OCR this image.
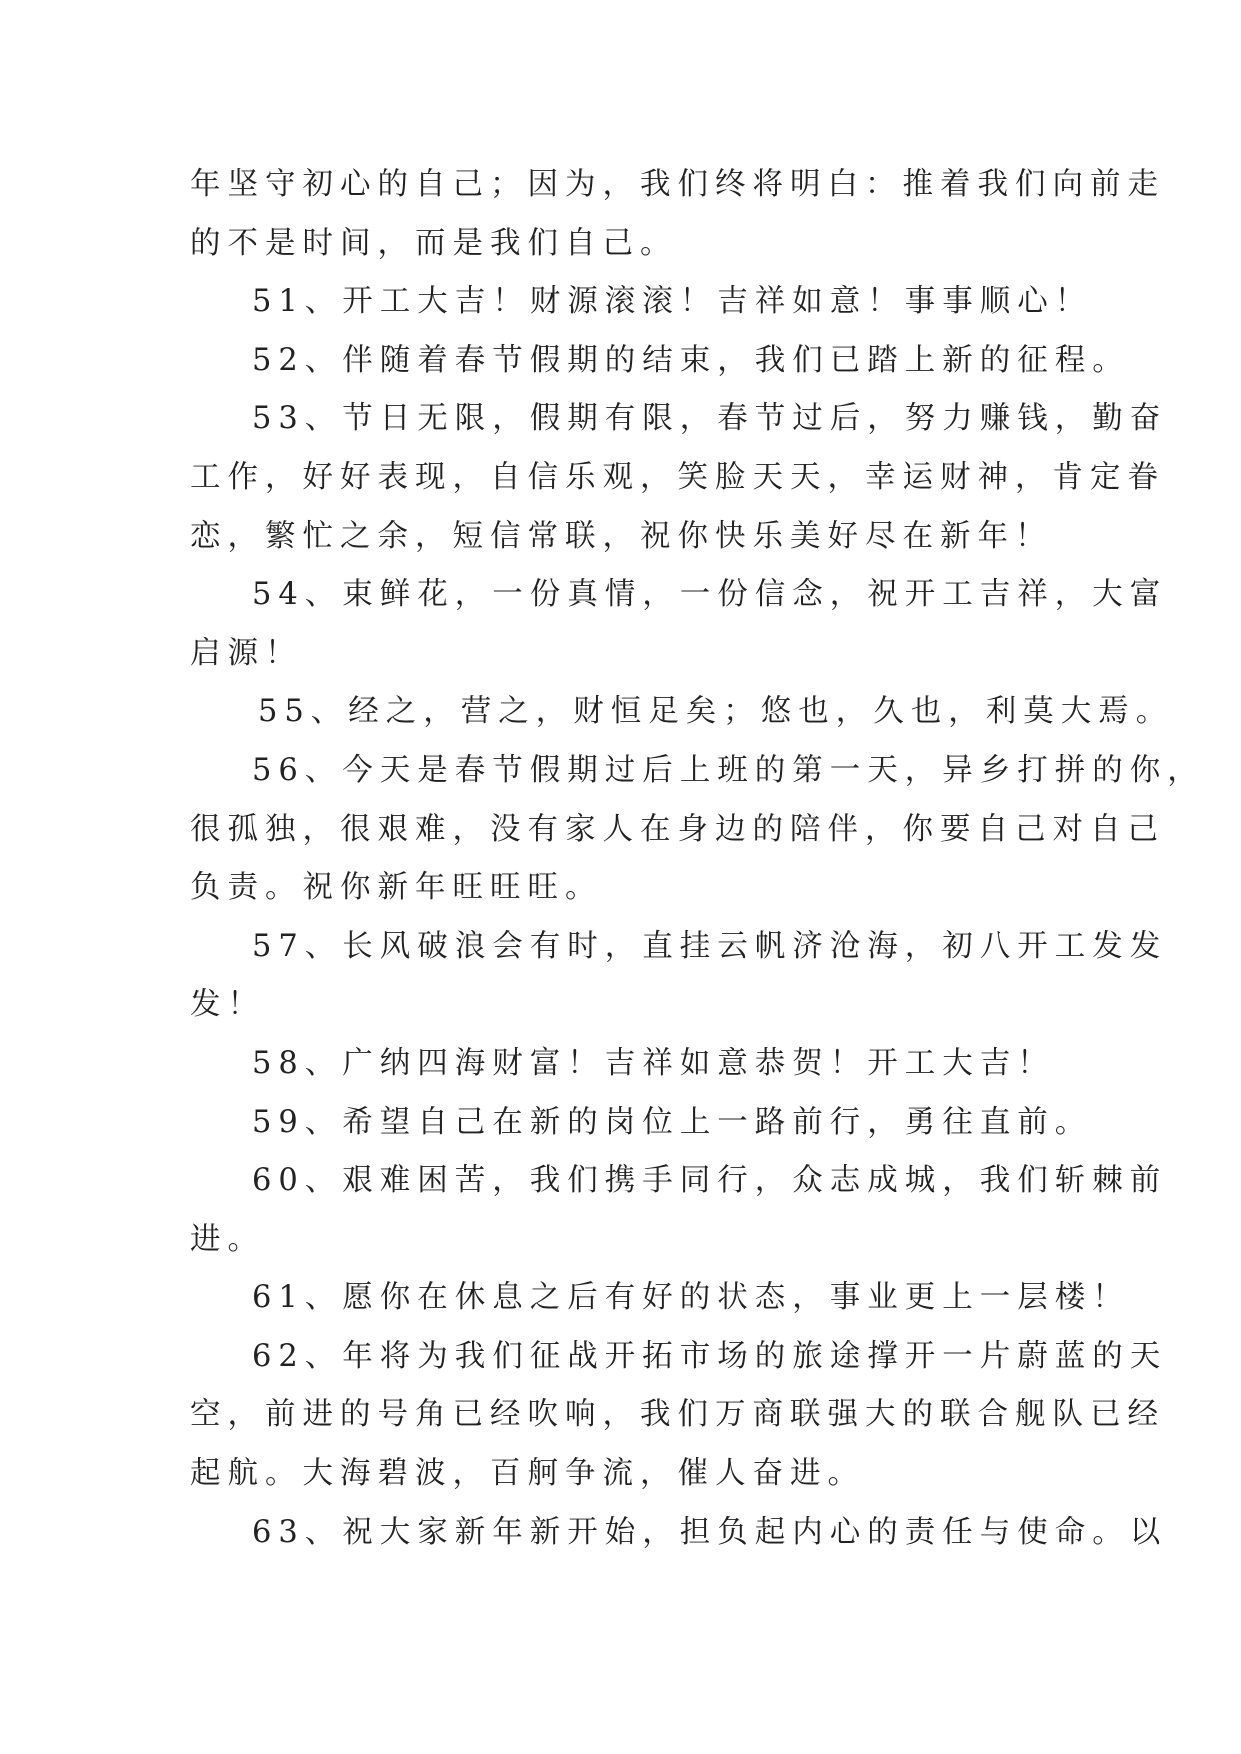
年坚守初心的自己；因为，我们终将明白：推着我们向前走
的不是时间，而是我们自己。
51、开工大吉！财源滚滚！吉祥如意！事事顺心！
52、伴随着春节假期的结束，我们已踏上新的征程。
53、节日无限，假期有限，春节过后，努力赚钱，勤奋
工作，好好表现，自信乐观，笑脸天天，幸运财神，肯定眷
恋，繁忙之余，短信常联，祝你快乐美好尽在新年！
54、束鲜花，一份真情，一份信念，祝开工吉祥，大富
启源！
55、经之，营之，财恒足矣；悠也，久也，利莫大焉。
56、今天是春节假期过后上班的第一天，异乡打拼的你，
很孤独，很艰难，没有家人在身边的陪伴，你要自己对自己
负责。祝你新年旺旺旺。
57、长风破浪会有时，直挂云帆济沧海，初八开工发发
发！
58、广纳四海财富！吉祥如意恭贺！开工大吉！
59、希望自己在新的岗位上一路前行，勇往直前。
60、艰难困苦，我们携手同行，众志成城，我们斩棘前
进。
61、愿你在休息之后有好的状态，事业更上一层楼！
62、年将为我们征战开拓市场的旅途撑开一片蔚蓝的天
空，前进的号角已经吹响，我们万商联强大的联合舰队已经
起航。大海碧波，百舸争流，催人奋进。
63、祝大家新年新开始，担负起内心的责任与使命。以
